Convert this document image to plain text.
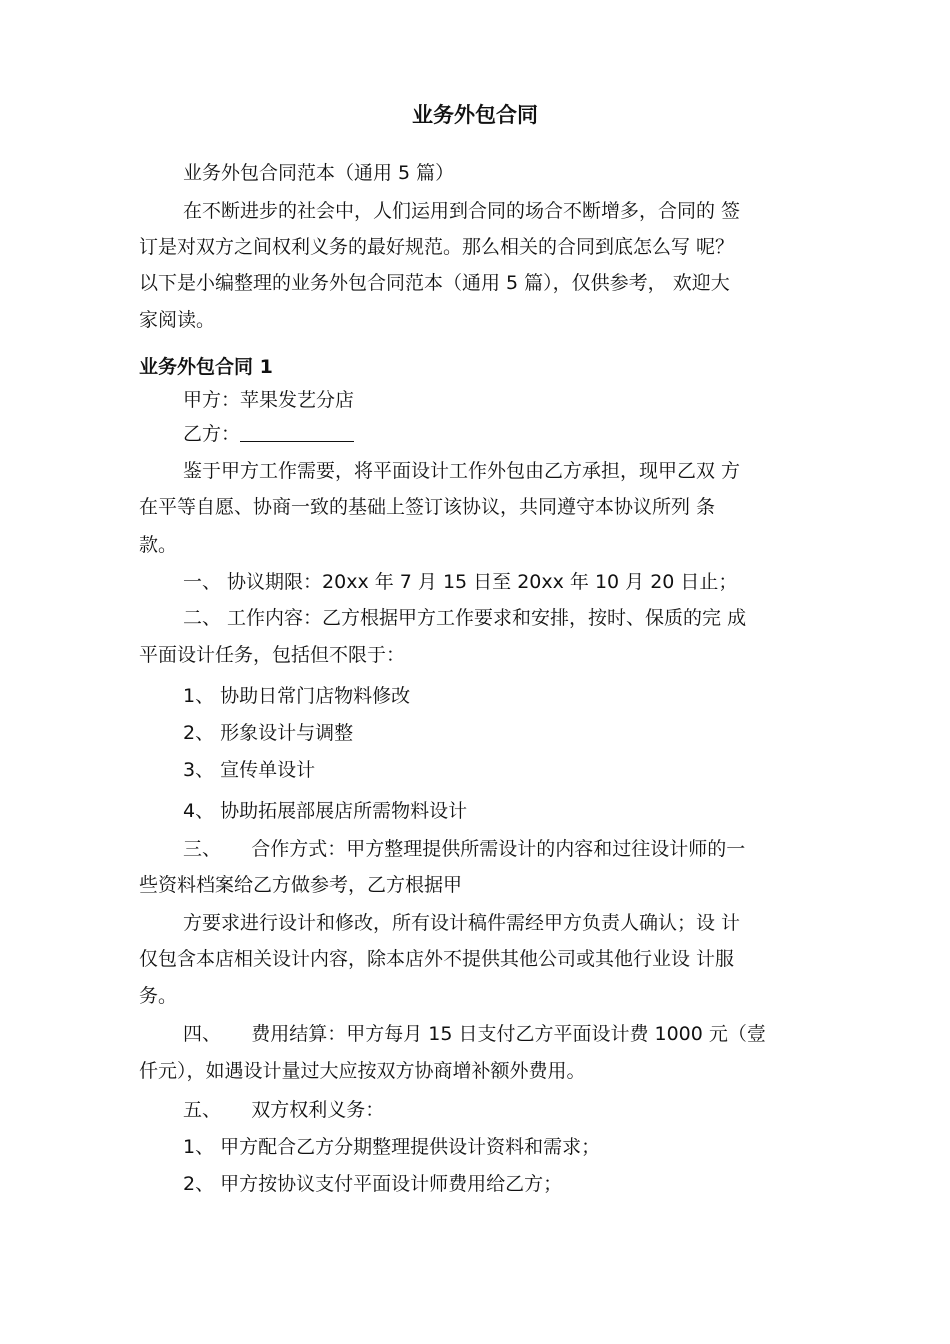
业务外包合同
业务外包合同范本（通用 5 篇）
在不断进步的社会中，人们运用到合同的场合不断增多，合同的 签
订是对双方之间权利义务的最好规范。那么相关的合同到底怎么写 呢？
以下是小编整理的业务外包合同范本（通用 5 篇），仅供参考， 欢迎大
家阅读。
业务外包合同 1
甲方：苹果发艺分店
乙方：
鉴于甲方工作需要，将平面设计工作外包由乙方承担，现甲乙双 方
在平等自愿、协商一致的基础上签订该协议，共同遵守本协议所列 条
款。
一、 协议期限：20xx 年 7 月 15 日至 20xx 年 10 月 20 日止；
二、 工作内容：乙方根据甲方工作要求和安排，按时、保质的完 成
平面设计任务，包括但不限于：
1、 协助日常门店物料修改
2、 形象设计与调整
3、 宣传单设计
4、 协助拓展部展店所需物料设计
三、     合作方式：甲方整理提供所需设计的内容和过往设计师的一
些资料档案给乙方做参考，乙方根据甲
方要求进行设计和修改，所有设计稿件需经甲方负责人确认；设 计
仅包含本店相关设计内容，除本店外不提供其他公司或其他行业设 计服
务。
四、     费用结算：甲方每月 15 日支付乙方平面设计费 1000 元（壹
仟元），如遇设计量过大应按双方协商增补额外费用。
五、     双方权利义务：
1、 甲方配合乙方分期整理提供设计资料和需求；
2、 甲方按协议支付平面设计师费用给乙方；
